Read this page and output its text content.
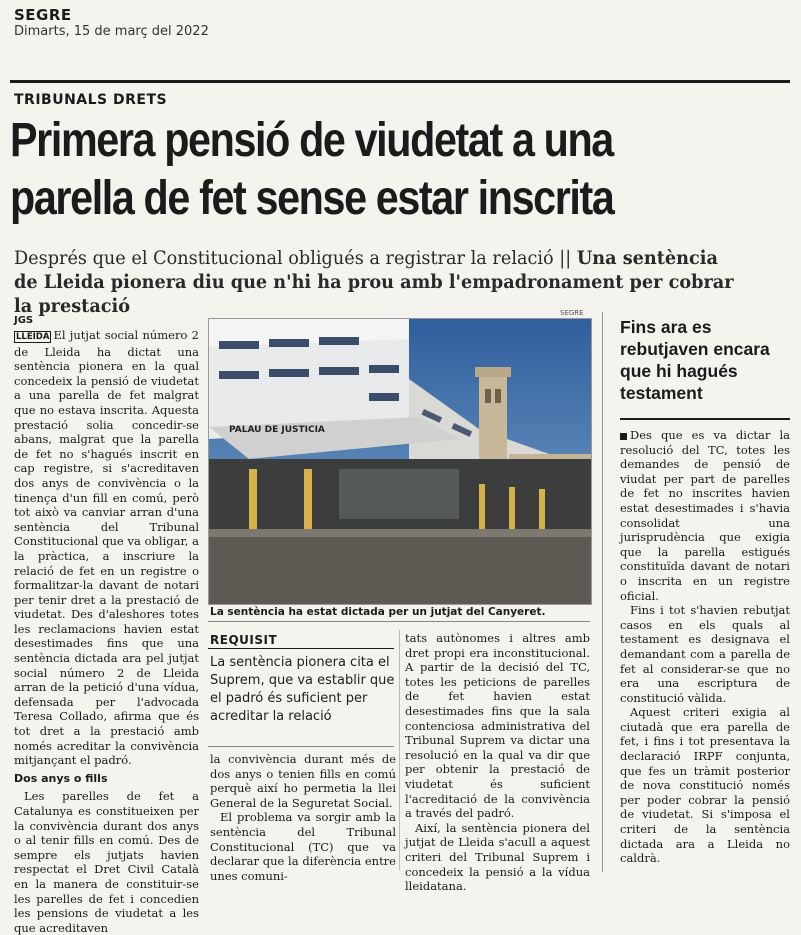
SEGRE
Dimarts, 15 de març del 2022
TRIBUNALS DRETS
Primera pensió de viudetat a una
parella de fet sense estar inscrita
Després que el Constitucional obligués a registrar la relació || Una sentència de Lleida pionera diu que n'hi ha prou amb l'empadronament per cobrar la prestació
JGS

LLEIDA El jutjat social número 2 de Lleida ha dictat una sentència pionera en la qual concedeix la pensió de viudetat a una parella de fet malgrat que no estava inscrita. Aquesta prestació solia concedir-se abans, malgrat que la parella de fet no s'hagués inscrit en cap registre, si s'acreditaven dos anys de convivència o la tinença d'un fill en comú, però tot això va canviar arran d'una sentència del Tribunal Constitucional que va obligar, a la pràctica, a inscriure la relació de fet en un registre o formalitzar-la davant de notari per tenir dret a la prestació de viudetat. Des d'aleshores totes les reclamacions havien estat desestimades fins que una sentència dictada ara pel jutjat social número 2 de Lleida arran de la petició d'una vídua, defensada per l'advocada Teresa Collado, afirma que és tot dret a la prestació amb només acreditar la convivència mitjançant el padró.

Dos anys o fills

Les parelles de fet a Catalunya es constitueixen per la convivència durant dos anys o al tenir fills en comú. Des de sempre els jutjats havien respectat el Dret Civil Català en la manera de constituir-se les parelles de fet i concedien les pensions de viudetat a les que acreditaven

SEGRE
PALAU DE JUSTICIA
La sentència ha estat dictada per un jutjat del Canyeret.
REQUISIT
La sentència pionera cita el Suprem, que va establir que el padró és suficient per acreditar la relació

la convivència durant més de dos anys o tenien fills en comú perquè així ho permetia la llei General de la Seguretat Social.

El problema va sorgir amb la sentència del Tribunal Constitucional (TC) que va declarar que la diferència entre unes comuni-

tats autònomes i altres amb dret propi era inconstitucional. A partir de la decisió del TC, totes les peticions de parelles de fet havien estat desestimades fins que la sala contenciosa administrativa del Tribunal Suprem va dictar una resolució en la qual va dir que per obtenir la prestació de viudetat és suficient l'acreditació de la convivència a través del padró.

Així, la sentència pionera del jutjat de Lleida s'acull a aquest criteri del Tribunal Suprem i concedeix la pensió a la vídua lleidatana.

Fins ara es rebutjaven encara que hi hagués testament

Des que es va dictar la resolució del TC, totes les demandes de pensió de viudat per part de parelles de fet no inscrites havien estat desestimades i s'havia consolidat una jurisprudència que exigia que la parella estigués constituïda davant de notari o inscrita en un registre oficial.

Fins i tot s'havien rebutjat casos en els quals al testament es designava el demandant com a parella de fet al considerar-se que no era una escriptura de constitució vàlida.

Aquest criteri exigia al ciutadà que era parella de fet, i fins i tot presentava la declaració IRPF conjunta, que fes un tràmit posterior de nova constitució només per poder cobrar la pensió de viudetat. Si s'imposa el criteri de la sentència dictada ara a Lleida no caldrà.
